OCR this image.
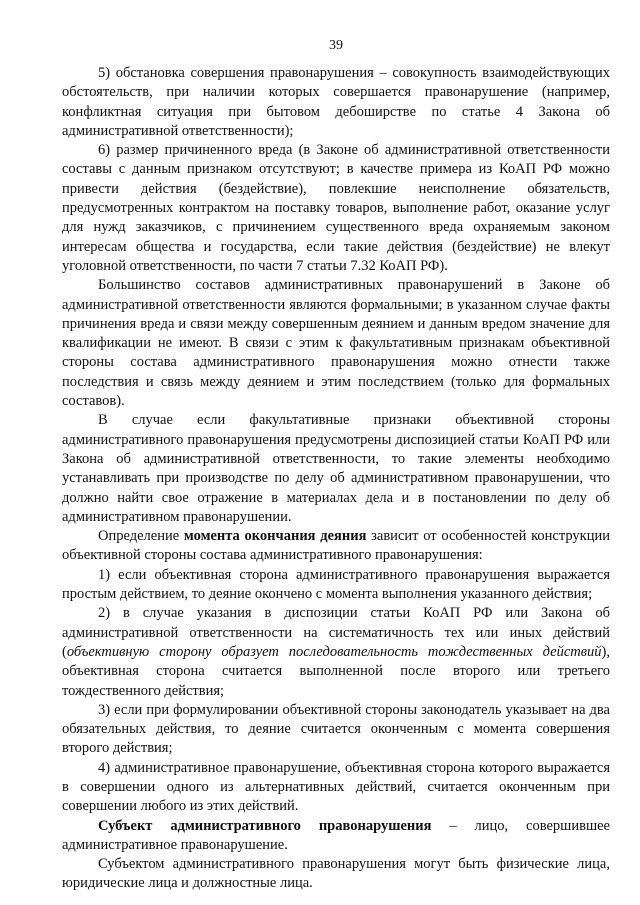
39

5) обстановка совершения правонарушения – совокупность взаимодействующих обстоятельств, при наличии которых совершается правонарушение (например, конфликтная ситуация при бытовом дебоширстве по статье 4 Закона об административной ответственности);

6) размер причиненного вреда (в Законе об административной ответственности составы с данным признаком отсутствуют; в качестве примера из КоАП РФ можно привести действия (бездействие), повлекшие неисполнение обязательств, предусмотренных контрактом на поставку товаров, выполнение работ, оказание услуг для нужд заказчиков, с причинением существенного вреда охраняемым законом интересам общества и государства, если такие действия (бездействие) не влекут уголовной ответственности, по части 7 статьи 7.32 КоАП РФ).

Большинство составов административных правонарушений в Законе об административной ответственности являются формальными; в указанном случае факты причинения вреда и связи между совершенным деянием и данным вредом значение для квалификации не имеют. В связи с этим к факультативным признакам объективной стороны состава административного правонарушения можно отнести также последствия и связь между деянием и этим последствием (только для формальных составов).

В случае если факультативные признаки объективной стороны административного правонарушения предусмотрены диспозицией статьи КоАП РФ или Закона об административной ответственности, то такие элементы необходимо устанавливать при производстве по делу об административном правонарушении, что должно найти свое отражение в материалах дела и в постановлении по делу об административном правонарушении.

Определение момента окончания деяния зависит от особенностей конструкции объективной стороны состава административного правонарушения:

1) если объективная сторона административного правонарушения выражается простым действием, то деяние окончено с момента выполнения указанного действия;

2) в случае указания в диспозиции статьи КоАП РФ или Закона об административной ответственности на систематичность тех или иных действий (объективную сторону образует последовательность тождественных действий), объективная сторона считается выполненной после второго или третьего тождественного действия;

3) если при формулировании объективной стороны законодатель указывает на два обязательных действия, то деяние считается оконченным с момента совершения второго действия;

4) административное правонарушение, объективная сторона которого выражается в совершении одного из альтернативных действий, считается оконченным при совершении любого из этих действий.

Субъект административного правонарушения – лицо, совершившее административное правонарушение.

Субъектом административного правонарушения могут быть физические лица, юридические лица и должностные лица.
